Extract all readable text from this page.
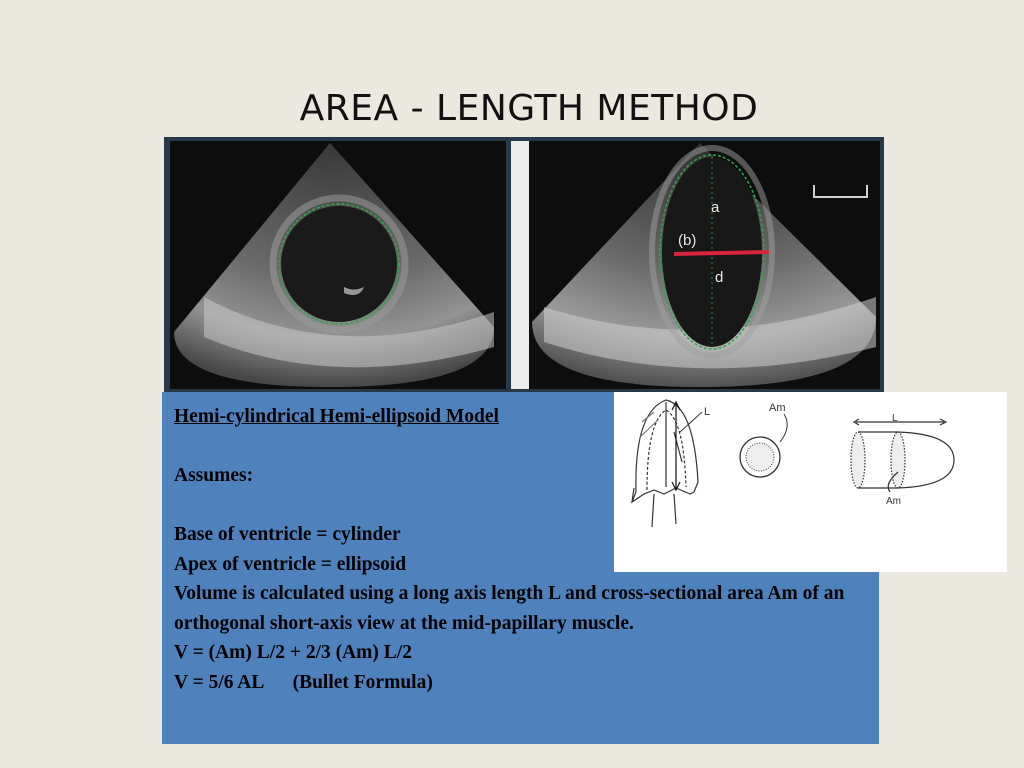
AREA - LENGTH METHOD
a
(b)
d
Hemi-cylindrical Hemi-ellipsoid Model
Assumes:
Base of ventricle = cylinder
Apex of ventricle = ellipsoid
Volume is calculated using a long axis length L and cross-sectional area Am of an orthogonal short-axis view at the mid-papillary muscle.
V = (Am) L/2 + 2/3 (Am) L/2
V = 5/6 AL      (Bullet Formula)
L	Am
L
Am
